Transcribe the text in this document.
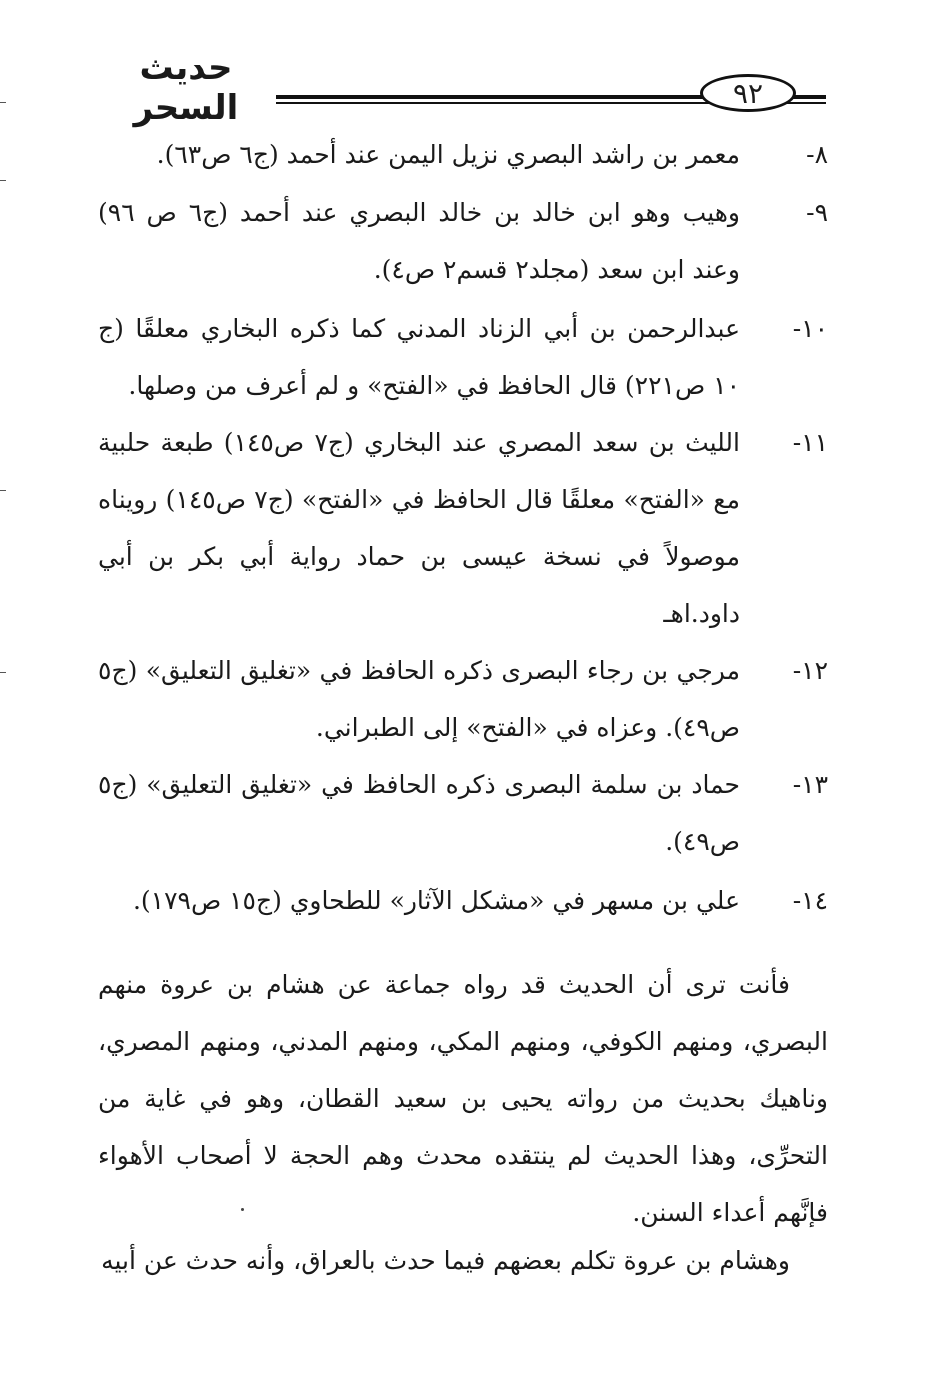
حديث السحر	٩٢
٨-
معمر بن راشد البصري نزيل اليمن عند أحمد (ج٦ ص٦٣).
٩-
وهيب وهو ابن خالد بن خالد البصري عند أحمد (ج٦ ص ٩٦) وعند ابن سعد (مجلد٢ قسم٢ ص٤).
١٠-
عبدالرحمن بن أبي الزناد المدني كما ذكره البخاري معلقًا (ج ١٠ ص٢٢١) قال الحافظ في «الفتح» و لم أعرف من وصلها.
١١-
الليث بن سعد المصري عند البخاري (ج٧ ص١٤٥) طبعة حلبية مع «الفتح» معلقًا قال الحافظ في «الفتح» (ج٧ ص١٤٥) رويناه موصولاً في نسخة عيسى بن حماد رواية أبي بكر بن أبي داود.اهـ
١٢-
مرجي بن رجاء البصرى ذكره الحافظ في «تغليق التعليق» (ج٥ ص٤٩). وعزاه في «الفتح» إلى الطبراني.
١٣-
حماد بن سلمة البصرى ذكره الحافظ في «تغليق التعليق» (ج٥ ص٤٩).
١٤-
علي بن مسهر في «مشكل الآثار» للطحاوي (ج١٥ ص١٧٩).
فأنت ترى أن الحديث قد رواه جماعة عن هشام بن عروة منهم البصري، ومنهم الكوفي، ومنهم المكي، ومنهم المدني، ومنهم المصري، وناهيك بحديث من رواته يحيى بن سعيد القطان، وهو في غاية من التحرِّى، وهذا الحديث لم ينتقده محدث وهم الحجة لا أصحاب الأهواء فإنَّهم أعداء السنن.
وهشام بن عروة تكلم بعضهم فيما حدث بالعراق، وأنه حدث عن أبيه
